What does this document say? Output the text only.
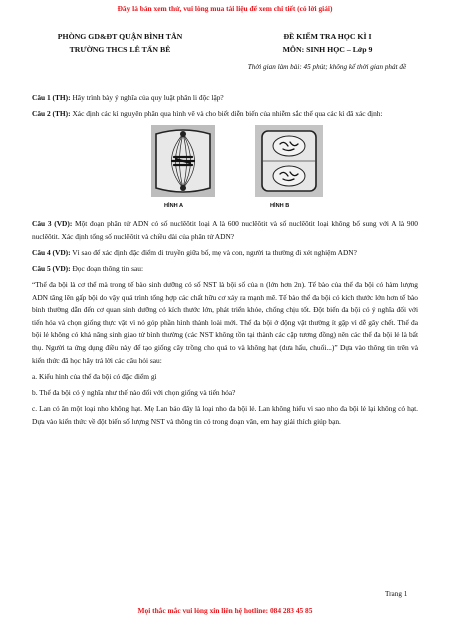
Đây là bản xem thử, vui lòng mua tài liệu để xem chi tiết (có lời giải)
PHÒNG GD&ĐT QUẬN BÌNH TÂN
TRƯỜNG THCS LÊ TẤN BÊ
ĐỀ KIỂM TRA HỌC KÌ I
MÔN: SINH HỌC – Lớp 9
Thời gian làm bài: 45 phút; không kể thời gian phát đề

Câu 1 (TH): Hãy trình bày ý nghĩa của quy luật phân li độc lập?

Câu 2 (TH): Xác định các kì nguyên phân qua hình vẽ và cho biết diễn biến của nhiễm sắc thể qua các kì đã xác định:

HÌNH A	HÌNH B

Câu 3 (VD): Một đoạn phân tử ADN có số nuclêôtit loại A là 600 nuclêôtit và số nuclêôtit loại không bổ sung với A là 900 nuclêôtit. Xác định tổng số nuclêôtit và chiều dài của phân tử ADN?

Câu 4 (VD): Vì sao để xác định đặc điểm di truyền giữa bố, mẹ và con, người ta thường đi xét nghiệm ADN?

Câu 5 (VD): Đọc đoạn thông tin sau:

“Thể đa bội là cơ thể mà trong tế bào sinh dưỡng có số NST là bội số của n (lớn hơn 2n). Tế bào của thể đa bội có hàm lượng ADN tăng lên gấp bội do vậy quá trình tổng hợp các chất hữu cơ xảy ra mạnh mẽ. Tế bào thể đa bội có kích thước lớn hơn tế bào bình thường dẫn đến cơ quan sinh dưỡng có kích thước lớn, phát triển khỏe, chống chịu tốt. Đột biến đa bội có ý nghĩa đối với tiến hóa và chọn giống thực vật vì nó góp phần hình thành loài mới. Thể đa bội ở động vật thường ít gặp vì dễ gây chết. Thể đa bội lẻ không có khả năng sinh giao tử bình thường (các NST không tồn tại thành các cặp tương đồng) nên các thể đa bội lẻ là bất thụ. Người ta ứng dụng điều này để tạo giống cây trồng cho quả to và không hạt (dưa hấu, chuối...)” Dựa vào thông tin trên và kiến thức đã học hãy trả lời các câu hỏi sau:

a. Kiểu hình của thể đa bội có đặc điểm gì

b. Thể đa bội có ý nghĩa như thế nào đối với chọn giống và tiến hóa?

c. Lan có ăn một loại nho không hạt. Mẹ Lan bảo đây là loại nho đa bội lẻ. Lan không hiểu vì sao nho đa bội lẻ lại không có hạt. Dựa vào kiến thức về đột biến số lượng NST và thông tin có trong đoạn văn, em hay giải thích giúp bạn.

Trang 1
Mọi thắc mắc vui lòng xin liên hệ hotline: 084 283 45 85
